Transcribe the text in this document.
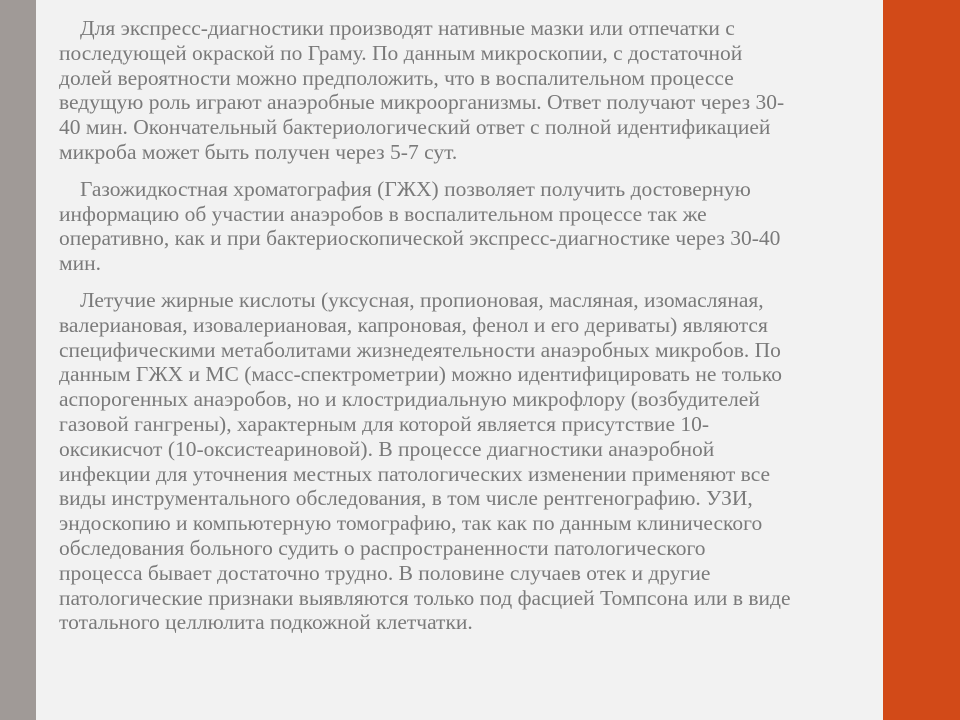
Для экспресс-диагностики производят нативные мазки или отпечатки с
последующей окраской по Граму. По данным микроскопии, с достаточной
долей вероятности можно предположить, что в воспалительном процессе
ведущую роль играют анаэробные микроорганизмы. Ответ получают через 30-
40 мин. Окончательный бактериологический ответ с полной идентификацией
микроба может быть получен через 5-7 сут.
Газожидкостная хроматография (ГЖХ) позволяет получить достоверную
информацию об участии анаэробов в воспалительном процессе так же
оперативно, как и при бактериоскопической экспресс-диагностике через 30-40
мин.
Летучие жирные кислоты (уксусная, пропионовая, масляная, изомасляная,
валериановая, изовалериановая, капроновая, фенол и его дериваты) являются
специфическими метаболитами жизнедеятельности анаэробных микробов. По
данным ГЖХ и МС (масс-спектрометрии) можно идентифицировать не только
аспорогенных анаэробов, но и клостридиальную микрофлору (возбудителей
газовой гангрены), характерным для которой является присутствие 10-
оксикисчот (10-оксистеариновой). В процессе диагностики анаэробной
инфекции для уточнения местных патологических изменении применяют все
виды инструментального обследования, в том числе рентгенографию. УЗИ,
эндоскопию и компьютерную томографию, так как по данным клинического
обследования больного судить о распространенности патологического
процесса бывает достаточно трудно. В половине случаев отек и другие
патологические признаки выявляются только под фасцией Томпсона или в виде
тотального целлюлита подкожной клетчатки.
